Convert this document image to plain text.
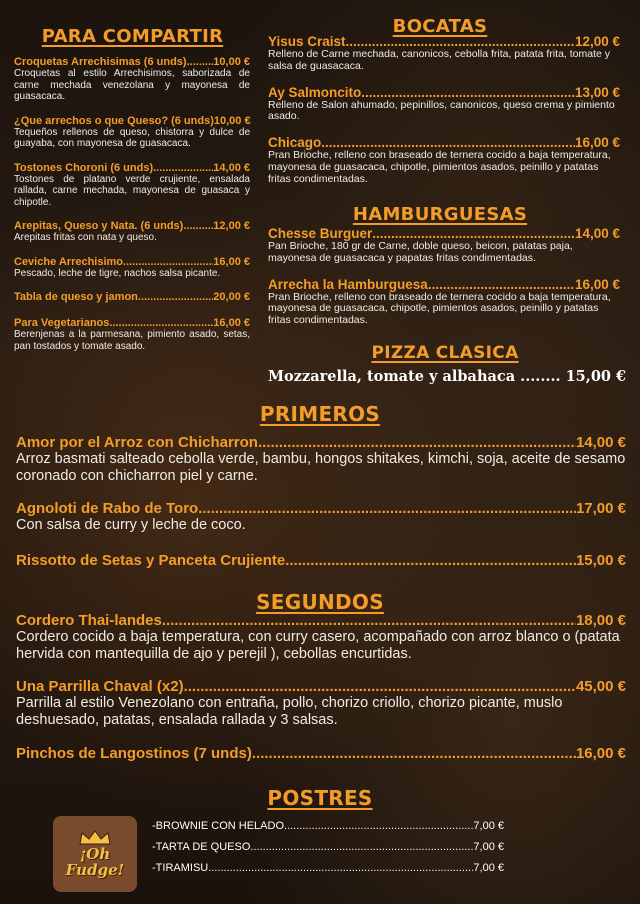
PARA COMPARTIR
Croquetas Arrechisimas (6 unds) ..... 10,00 €
Croquetas al estilo Arrechisimos, saborizada de carne mechada venezolana y mayonesa de guasacaca.
¿Que arrechos o que Queso? (6 unds) 10,00 €
Tequeños rellenos de queso, chistorra y dulce de guayaba, con mayonesa de guasacaca.
Tostones Choroni (6 unds) .....	14,00 €
Tostones de platano verde crujiente, ensalada rallada, carne mechada, mayonesa de guasaca y chipotle.
Arepitas, Queso y Nata. (6 unds) .....	12,00 €
Arepitas fritas con nata y queso.
Ceviche Arrechisimo .....	16,00 €
Pescado, leche de tigre, nachos salsa picante.
Tabla de queso y jamon .....	20,00 €
Para Vegetarianos .....	16,00 €
Berenjenas a la parmesana, pimiento asado, setas, pan tostados y tomate asado.
BOCATAS
Yisus Craist .....	12,00 €
Relleno de Carne mechada, canonicos, cebolla frita, patata frita, tomate y salsa de guasacaca.
Ay Salmoncito .....	13,00 €
Relleno de Salon ahumado, pepinillos, canonicos, queso crema y pimiento asado.
Chicago .....	16,00 €
Pran Brioche, relleno con braseado de ternera cocido a baja temperatura, mayonesa de guasacaca, chipotle, pimientos asados, peinillo y patatas fritas condimentadas.
HAMBURGUESAS
Chesse Burguer .....	14,00 €
Pan Brioche, 180 gr de Carne, doble queso, beicon, patatas paja, mayonesa de guasacaca y papatas fritas condimentadas.
Arrecha la Hamburguesa .....	16,00 €
Pran Brioche, relleno con braseado de ternera cocido a baja temperatura, mayonesa de guasacaca, chipotle, pimientos asados, peinillo y patatas fritas condimentadas.
PIZZA CLASICA
Mozzarella, tomate y albahaca ........ 15,00 €
PRIMEROS
Amor por el Arroz con Chicharron .....	14,00 €
Arroz basmati salteado cebolla verde, bambu, hongos shitakes, kimchi, soja, aceite de sesamo coronado con chicharron piel y carne.
Agnoloti de Rabo de Toro .....	17,00 €
Con salsa de curry y leche de coco.
Rissotto de Setas y Panceta Crujiente .....	15,00 €
SEGUNDOS
Cordero Thai-landes .....	18,00 €
Cordero cocido a baja temperatura, con curry casero, acompañado con arroz blanco o (patata hervida con mantequilla de ajo y perejil ), cebollas encurtidas.
Una Parrilla Chaval (x2) .....	45,00 €
Parrilla al estilo Venezolano con entraña, pollo, chorizo criollo, chorizo picante, muslo deshuesado, patatas, ensalada rallada y 3 salsas.
Pinchos de Langostinos (7 unds) .....	16,00 €
POSTRES
¡Oh Fudge!
-BROWNIE CON HELADO .....	7,00 €
-TARTA DE QUESO .....	7,00 €
-TIRAMISU .....	7,00 €
